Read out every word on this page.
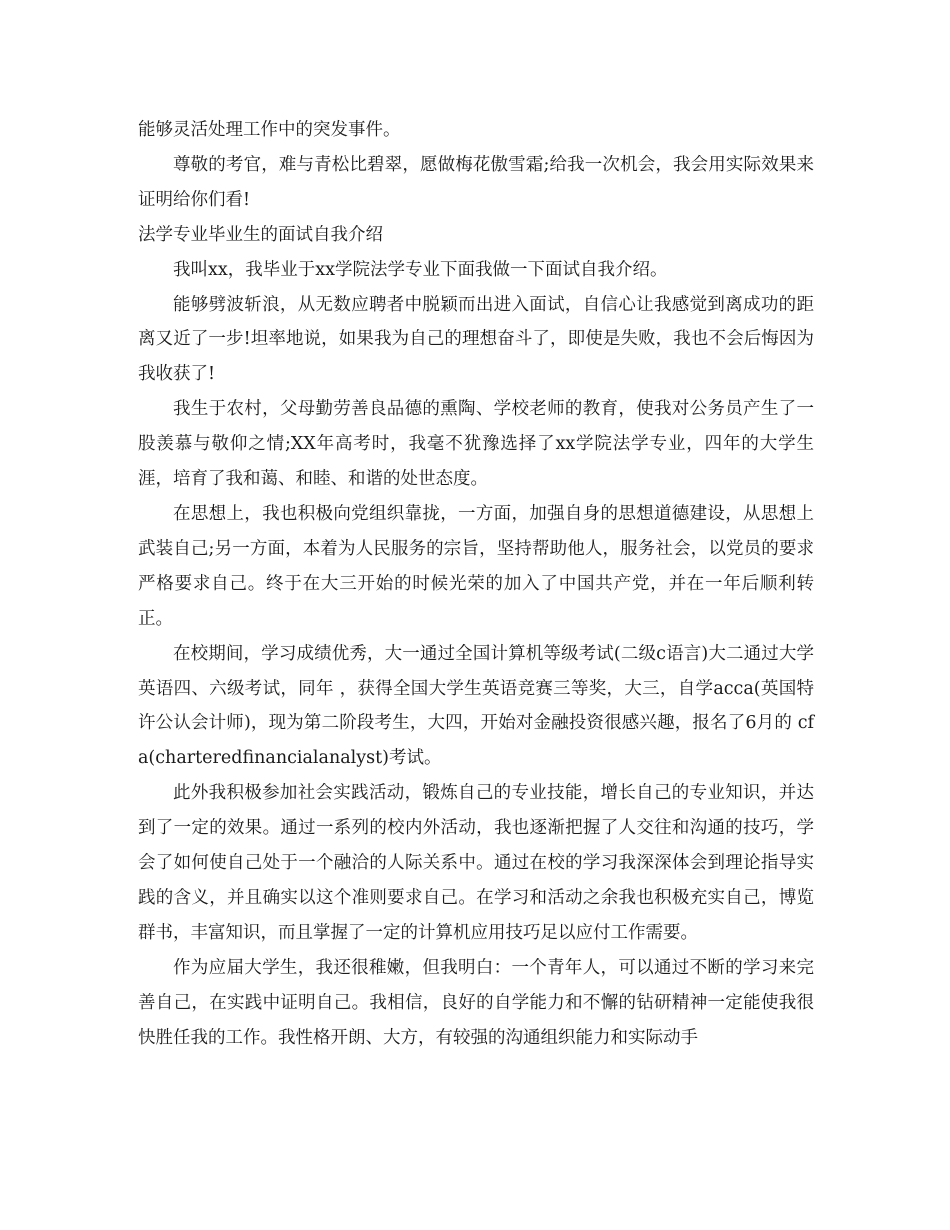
能够灵活处理工作中的突发事件。

尊敬的考官，难与青松比碧翠，愿做梅花傲雪霜;给我一次机会，我会用实际效果来证明给你们看!

法学专业毕业生的面试自我介绍

我叫xx，我毕业于xx学院法学专业下面我做一下面试自我介绍。

能够劈波斩浪，从无数应聘者中脱颖而出进入面试，自信心让我感觉到离成功的距离又近了一步!坦率地说，如果我为自己的理想奋斗了，即使是失败，我也不会后悔因为我收获了!

我生于农村，父母勤劳善良品德的熏陶、学校老师的教育，使我对公务员产生了一股羡慕与敬仰之情;XX年高考时，我毫不犹豫选择了xx学院法学专业，四年的大学生涯，培育了我和蔼、和睦、和谐的处世态度。

在思想上，我也积极向党组织靠拢，一方面，加强自身的思想道德建设，从思想上武装自己;另一方面，本着为人民服务的宗旨，坚持帮助他人，服务社会，以党员的要求严格要求自己。终于在大三开始的时候光荣的加入了中国共产党，并在一年后顺利转正。

在校期间，学习成绩优秀，大一通过全国计算机等级考试(二级c语言)大二通过大学英语四、六级考试，同年 ，获得全国大学生英语竞赛三等奖，大三，自学acca(英国特许公认会计师)，现为第二阶段考生，大四，开始对金融投资很感兴趣，报名了6月的 cfa(charteredfinancialanalyst)考试。

此外我积极参加社会实践活动，锻炼自己的专业技能，增长自己的专业知识，并达到了一定的效果。通过一系列的校内外活动，我也逐渐把握了人交往和沟通的技巧，学会了如何使自己处于一个融洽的人际关系中。通过在校的学习我深深体会到理论指导实践的含义，并且确实以这个准则要求自己。在学习和活动之余我也积极充实自己，博览群书，丰富知识，而且掌握了一定的计算机应用技巧足以应付工作需要。

作为应届大学生，我还很稚嫩，但我明白：一个青年人，可以通过不断的学习来完善自己，在实践中证明自己。我相信，良好的自学能力和不懈的钻研精神一定能使我很快胜任我的工作。我性格开朗、大方，有较强的沟通组织能力和实际动手
